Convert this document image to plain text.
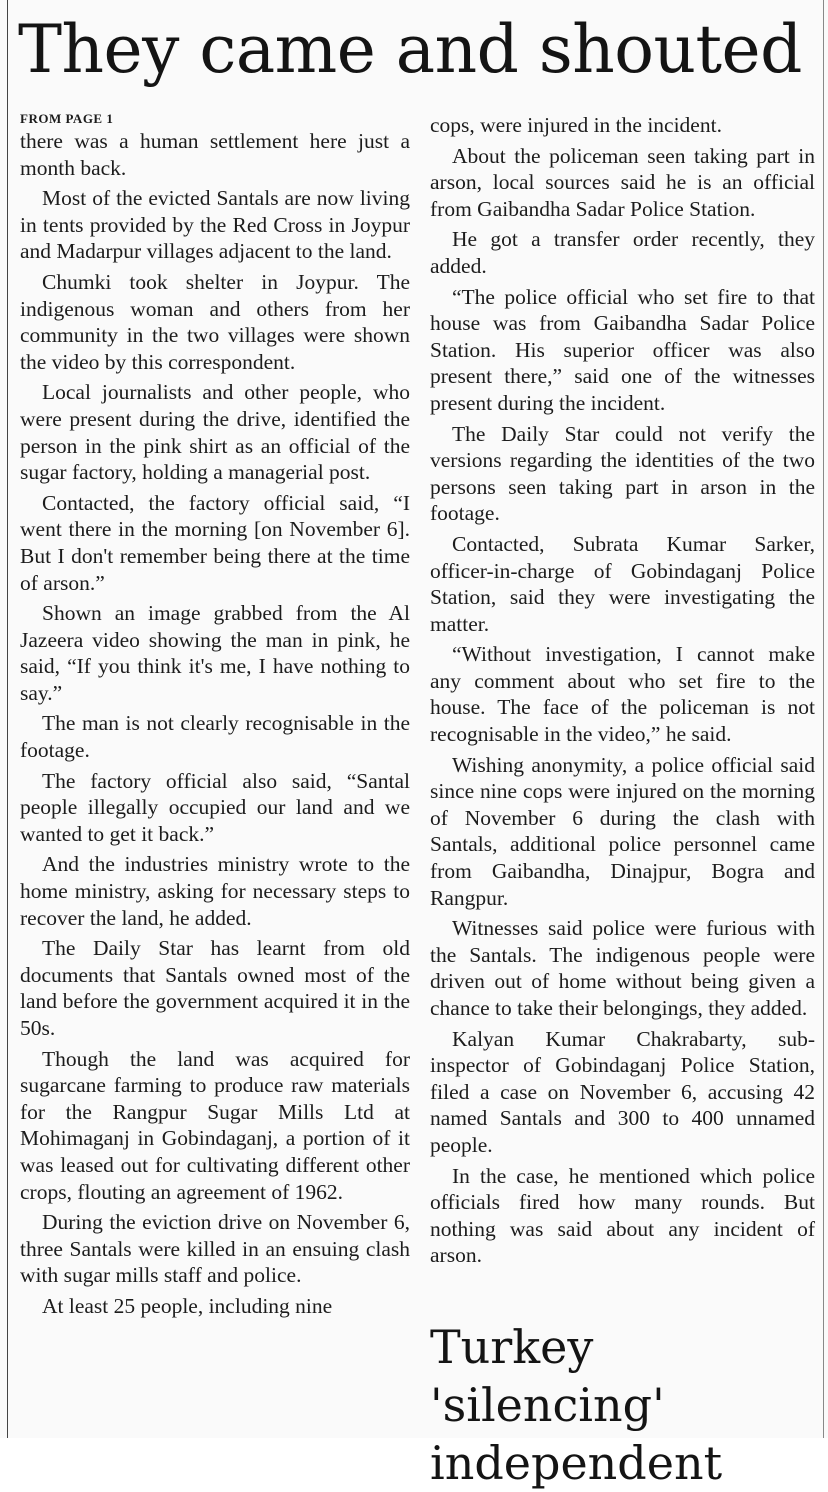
They came and shouted
FROM PAGE 1

there was a human settlement here just a month back.

Most of the evicted Santals are now living in tents provided by the Red Cross in Joypur and Madarpur villages adjacent to the land.

Chumki took shelter in Joypur. The indigenous woman and others from her community in the two villages were shown the video by this correspondent.

Local journalists and other people, who were present during the drive, identified the person in the pink shirt as an official of the sugar factory, holding a managerial post.

Contacted, the factory official said, “I went there in the morning [on November 6]. But I don't remember being there at the time of arson.”

Shown an image grabbed from the Al Jazeera video showing the man in pink, he said, “If you think it's me, I have nothing to say.”

The man is not clearly recognisable in the footage.

The factory official also said, “Santal people illegally occupied our land and we wanted to get it back.”

And the industries ministry wrote to the home ministry, asking for necessary steps to recover the land, he added.

The Daily Star has learnt from old documents that Santals owned most of the land before the government acquired it in the 50s.

Though the land was acquired for sugarcane farming to produce raw materials for the Rangpur Sugar Mills Ltd at Mohimaganj in Gobindaganj, a portion of it was leased out for cultivating different other crops, flouting an agreement of 1962.

During the eviction drive on November 6, three Santals were killed in an ensuing clash with sugar mills staff and police.

At least 25 people, including nine

cops, were injured in the incident.

About the policeman seen taking part in arson, local sources said he is an official from Gaibandha Sadar Police Station.

He got a transfer order recently, they added.

“The police official who set fire to that house was from Gaibandha Sadar Police Station. His superior officer was also present there,” said one of the witnesses present during the incident.

The Daily Star could not verify the versions regarding the identities of the two persons seen taking part in arson in the footage.

Contacted, Subrata Kumar Sarker, officer-in-charge of Gobindaganj Police Station, said they were investigating the matter.

“Without investigation, I cannot make any comment about who set fire to the house. The face of the policeman is not recognisable in the video,” he said.

Wishing anonymity, a police official said since nine cops were injured on the morning of November 6 during the clash with Santals, additional police personnel came from Gaibandha, Dinajpur, Bogra and Rangpur.

Witnesses said police were furious with the Santals. The indigenous people were driven out of home without being given a chance to take their belongings, they added.

Kalyan Kumar Chakrabarty, sub-inspector of Gobindaganj Police Station, filed a case on November 6, accusing 42 named Santals and 300 to 400 unnamed people.

In the case, he mentioned which police officials fired how many rounds. But nothing was said about any incident of arson.

Turkey 'silencing' independent
